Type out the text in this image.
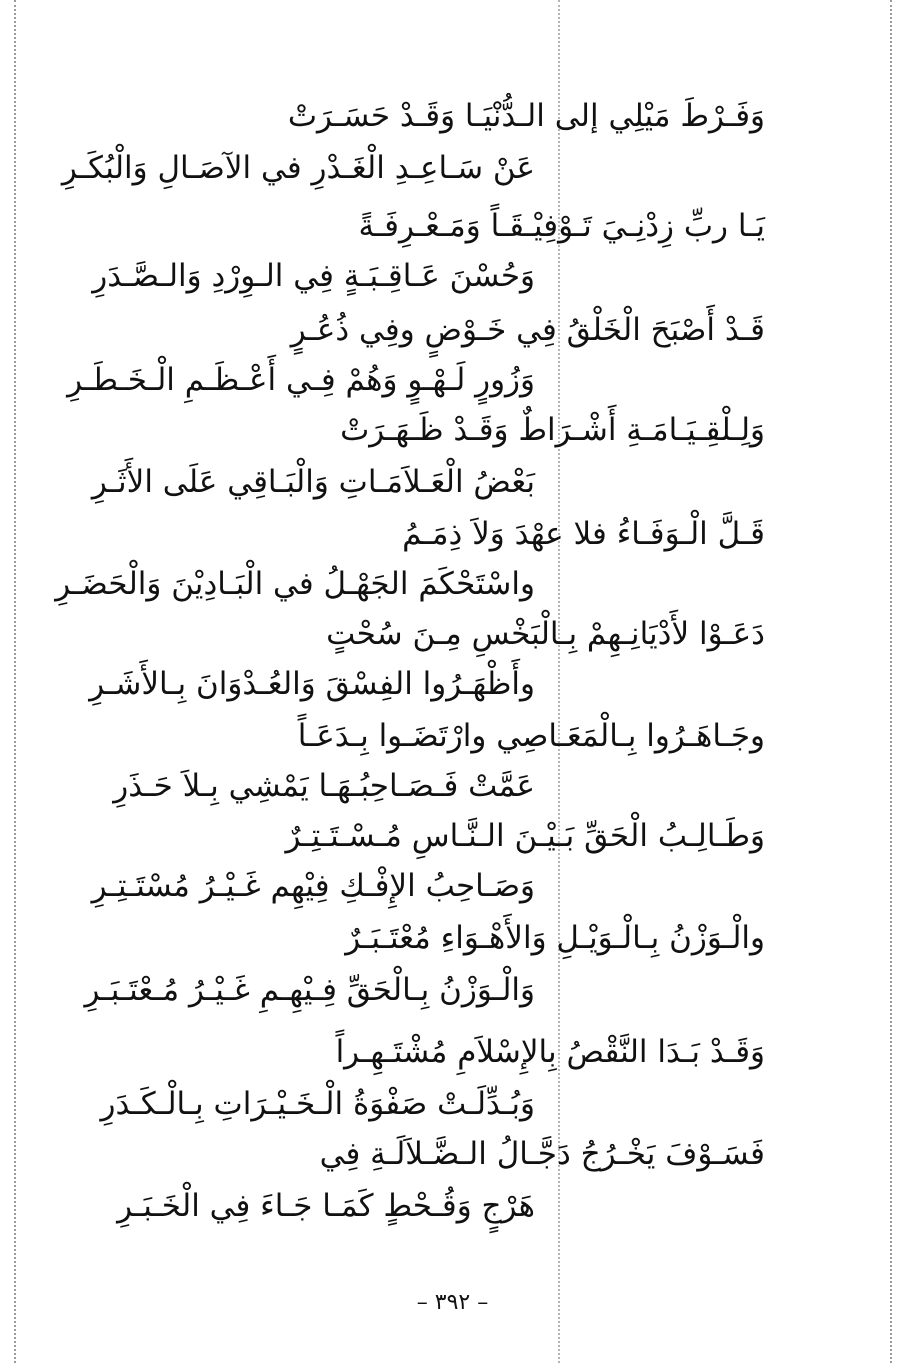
وَفَـرْطَ مَيْلِي إلى الـدُّنْيَـا وَقَـدْ حَسَـرَتْ
عَنْ سَـاعِـدِ الْغَـدْرِ في الآصَـالِ وَالْبُكَـرِ
يَـا ربِّ زِدْنِـيَ تَـوْفِيْـقَـاً وَمَـعْـرِفَـةً
وَحُسْنَ عَـاقِـبَـةٍ فِي الـوِرْدِ وَالـصَّـدَرِ
قَـدْ أَصْبَحَ الْخَلْقُ فِي خَـوْضٍ وفِي ذُعُـرٍ
وَزُورٍ لَـهْـوٍ وَهُمْ فِـي أَعْـظَـمِ الْـخَـطَـرِ
وَلِـلْقِـيَـامَـةِ أَشْـرَاطٌ وَقَـدْ ظَـهَـرَتْ
بَعْضُ الْعَـلاَمَـاتِ وَالْبَـاقِي عَلَى الأَثَـرِ
قَـلَّ الْـوَفَـاءُ فلا عهْدَ وَلاَ ذِمَـمُ
واسْتَحْكَمَ الجَهْـلُ في الْبَـادِيْنَ وَالْحَضَـرِ
دَعَـوْا لأَدْيَانِـهِمْ بِـالْبَخْسِ مِـنَ سُحْتٍ
وأَظْهَـرُوا الفِسْقَ وَالعُـدْوَانَ بِـالأَشَـرِ
وجَـاهَـرُوا بِـالْمَعَـاصِي وارْتَضَـوا بِـدَعَـاً
عَمَّتْ فَـصَـاحِبُـهَـا يَمْشِي بِـلاَ حَـذَرِ
وَطَـالِـبُ الْحَقِّ بَـيْـنَ الـنَّـاسِ مُـسْـتَـتِـرٌ
وَصَـاحِبُ الإِفْـكِ فِيْهِم غَـيْـرُ مُسْتَـتِـرِ
والْـوَزْنُ بِـالْـوَيْـلِ وَالأَهْـوَاءِ مُعْتَـبَـرٌ
وَالْـوَزْنُ بِـالْحَقِّ فِـيْهِـمِ غَـيْـرُ مُـعْتَـبَـرِ
وَقَـدْ بَـدَا النَّقْصُ بِالإِسْلاَمِ مُشْتَـهِـراً
وَبُـدِّلَـتْ صَفْوَةُ الْـخَـيْـرَاتِ بِـالْـكَـدَرِ
فَسَـوْفَ يَخْـرُجُ دَجَّـالُ الـضَّـلاَلَـةِ فِي
هَرْجٍ وَقُـحْطٍ كَمَـا جَـاءَ فِي الْخَـبَـرِ
– ٣٩٢ –
